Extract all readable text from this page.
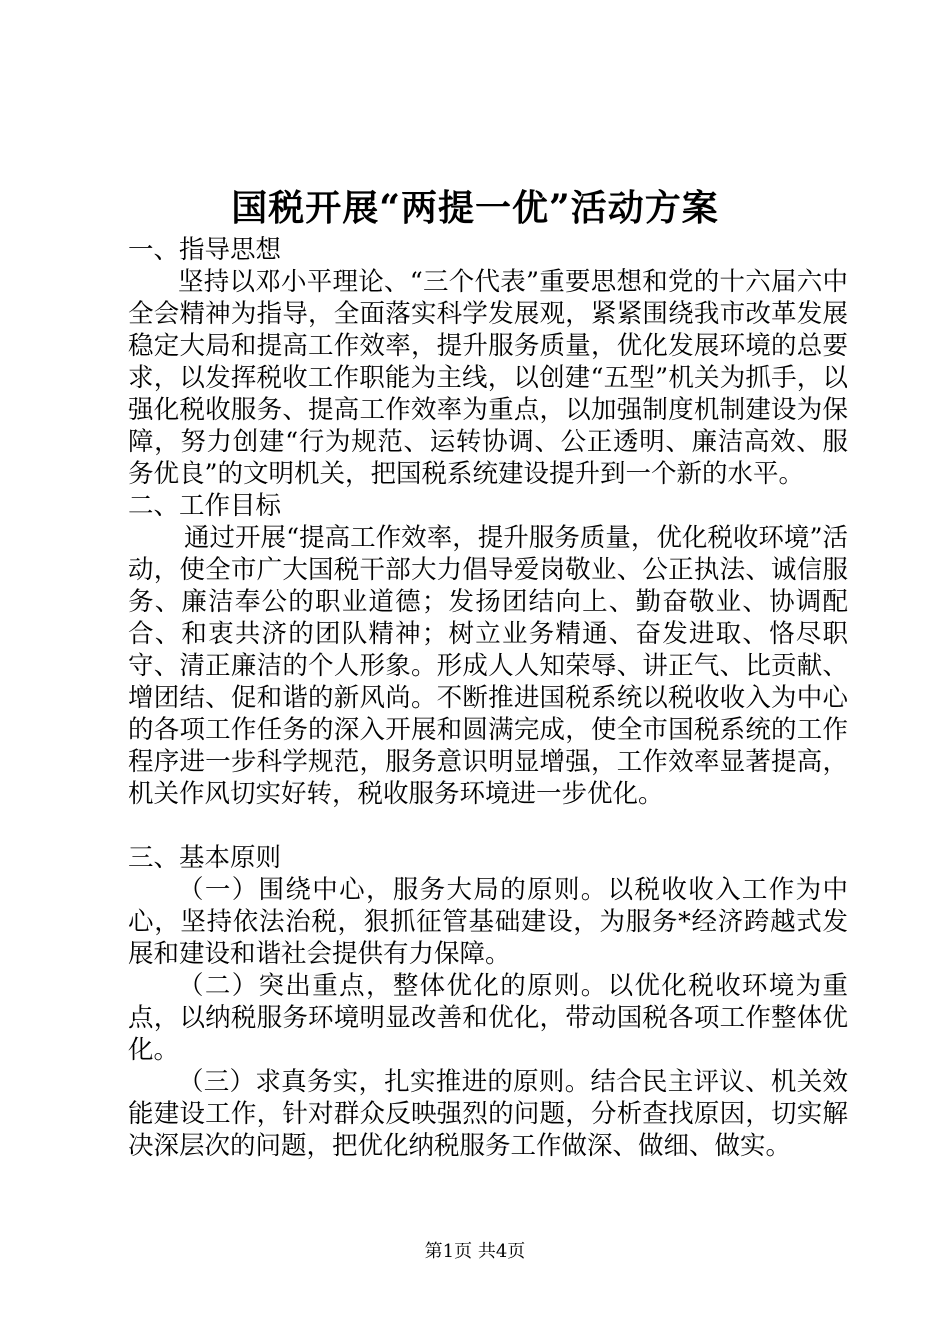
国税开展“两提一优”活动方案

一、指导思想

坚持以邓小平理论、“三个代表”重要思想和党的十六届六中全会精神为指导，全面落实科学发展观，紧紧围绕我市改革发展稳定大局和提高工作效率，提升服务质量，优化发展环境的总要求，以发挥税收工作职能为主线，以创建“五型”机关为抓手，以强化税收服务、提高工作效率为重点，以加强制度机制建设为保障，努力创建“行为规范、运转协调、公正透明、廉洁高效、服务优良”的文明机关，把国税系统建设提升到一个新的水平。

二、工作目标

通过开展“提高工作效率，提升服务质量，优化税收环境”活动，使全市广大国税干部大力倡导爱岗敬业、公正执法、诚信服务、廉洁奉公的职业道德；发扬团结向上、勤奋敬业、协调配合、和衷共济的团队精神；树立业务精通、奋发进取、恪尽职守、清正廉洁的个人形象。形成人人知荣辱、讲正气、比贡献、增团结、促和谐的新风尚。不断推进国税系统以税收收入为中心的各项工作任务的深入开展和圆满完成，使全市国税系统的工作程序进一步科学规范，服务意识明显增强，工作效率显著提高，机关作风切实好转，税收服务环境进一步优化。

三、基本原则

（一）围绕中心，服务大局的原则。以税收收入工作为中心，坚持依法治税，狠抓征管基础建设，为服务*经济跨越式发展和建设和谐社会提供有力保障。

（二）突出重点，整体优化的原则。以优化税收环境为重点，以纳税服务环境明显改善和优化，带动国税各项工作整体优化。

（三）求真务实，扎实推进的原则。结合民主评议、机关效能建设工作，针对群众反映强烈的问题，分析查找原因，切实解决深层次的问题，把优化纳税服务工作做深、做细、做实。

第1页 共4页
